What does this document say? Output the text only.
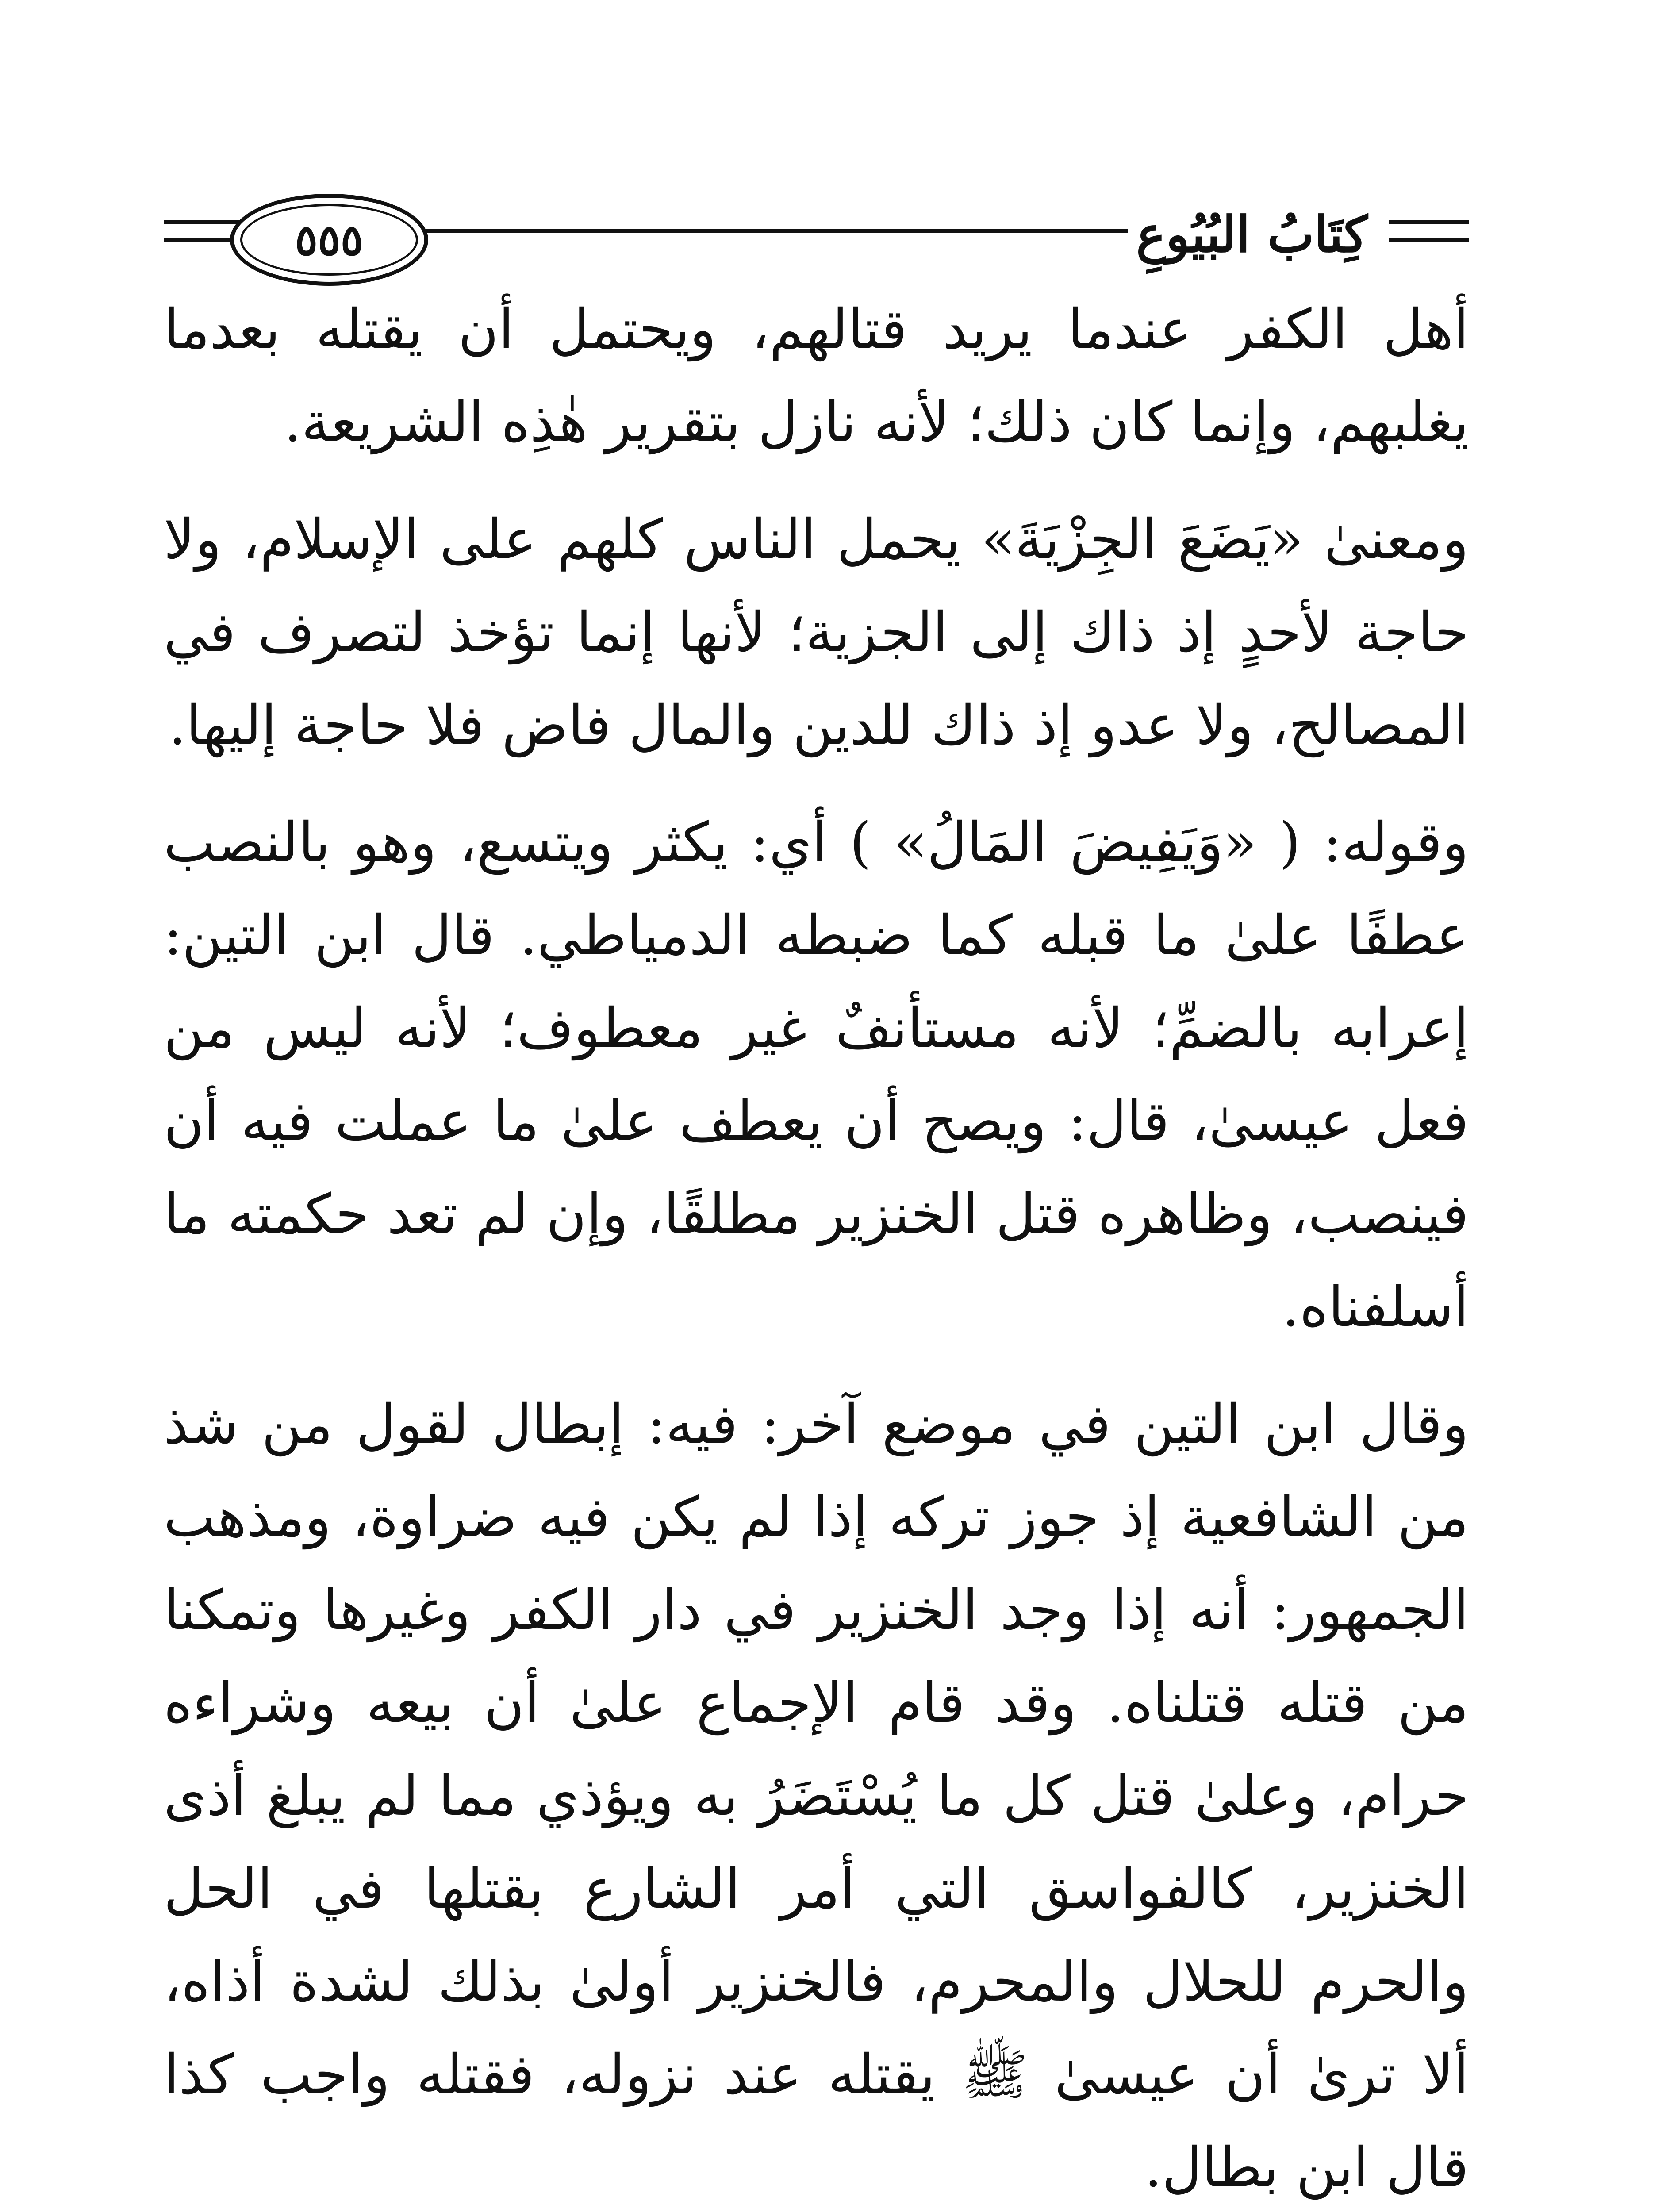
٥٥٥	كِتَابُ البُيُوعِ

أهل الكفر عندما يريد قتالهم، ويحتمل أن يقتله بعدما يغلبهم، وإنما كان ذلك؛ لأنه نازل بتقرير هٰذِه الشريعة.

ومعنىٰ «يَضَعَ الجِزْيَةَ» يحمل الناس كلهم على الإسلام، ولا حاجة لأحدٍ إذ ذاك إلى الجزية؛ لأنها إنما تؤخذ لتصرف في المصالح، ولا عدو إذ ذاك للدين والمال فاض فلا حاجة إليها.

وقوله: ( «وَيَفِيضَ المَالُ» ) أي: يكثر ويتسع، وهو بالنصب عطفًا علىٰ ما قبله كما ضبطه الدمياطي. قال ابن التين: إعرابه بالضمِّ؛ لأنه مستأنفٌ غير معطوف؛ لأنه ليس من فعل عيسىٰ، قال: ويصح أن يعطف علىٰ ما عملت فيه أن فينصب، وظاهره قتل الخنزير مطلقًا، وإن لم تعد حكمته ما أسلفناه.

وقال ابن التين في موضع آخر: فيه: إبطال لقول من شذ من الشافعية إذ جوز تركه إذا لم يكن فيه ضراوة، ومذهب الجمهور: أنه إذا وجد الخنزير في دار الكفر وغيرها وتمكنا من قتله قتلناه. وقد قام الإجماع علىٰ أن بيعه وشراءه حرام، وعلىٰ قتل كل ما يُسْتَضَرُ به ويؤذي مما لم يبلغ أذى الخنزير، كالفواسق التي أمر الشارع بقتلها في الحل والحرم للحلال والمحرم، فالخنزير أولىٰ بذلك لشدة أذاه، ألا ترىٰ أن عيسىٰ ﷺ يقتله عند نزوله، فقتله واجب كذا قال ابن بطال.
